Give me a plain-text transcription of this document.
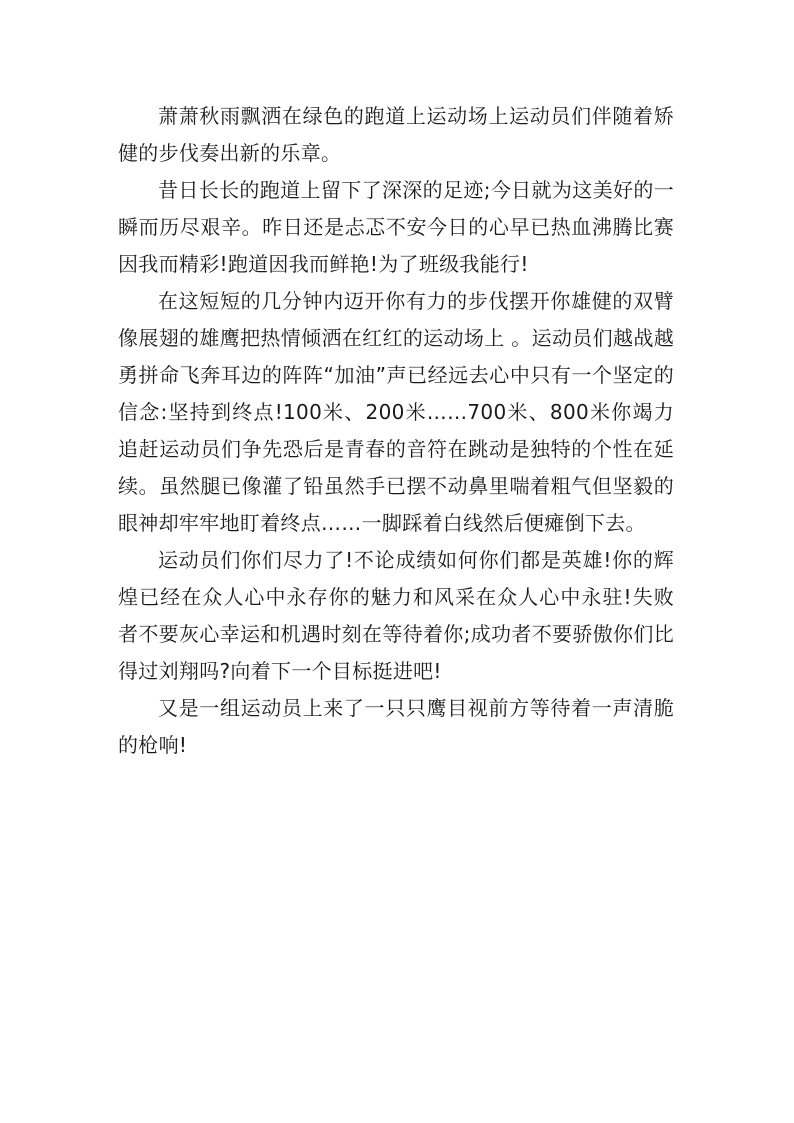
萧萧秋雨飘洒在绿色的跑道上运动场上运动员们伴随着矫健的步伐奏出新的乐章。

昔日长长的跑道上留下了深深的足迹;今日就为这美好的一瞬而历尽艰辛。昨日还是忐忑不安今日的心早已热血沸腾比赛因我而精彩!跑道因我而鲜艳!为了班级我能行!

在这短短的几分钟内迈开你有力的步伐摆开你雄健的双臂像展翅的雄鹰把热情倾洒在红红的运动场上 。运动员们越战越勇拼命飞奔耳边的阵阵“加油”声已经远去心中只有一个坚定的信念:坚持到终点!100米、200米……700米、800米你竭力追赶运动员们争先恐后是青春的音符在跳动是独特的个性在延续。虽然腿已像灌了铅虽然手已摆不动鼻里喘着粗气但坚毅的眼神却牢牢地盯着终点……一脚踩着白线然后便瘫倒下去。

运动员们你们尽力了!不论成绩如何你们都是英雄!你的辉煌已经在众人心中永存你的魅力和风采在众人心中永驻!失败者不要灰心幸运和机遇时刻在等待着你;成功者不要骄傲你们比得过刘翔吗?向着下一个目标挺进吧!

又是一组运动员上来了一只只鹰目视前方等待着一声清脆的枪响!
